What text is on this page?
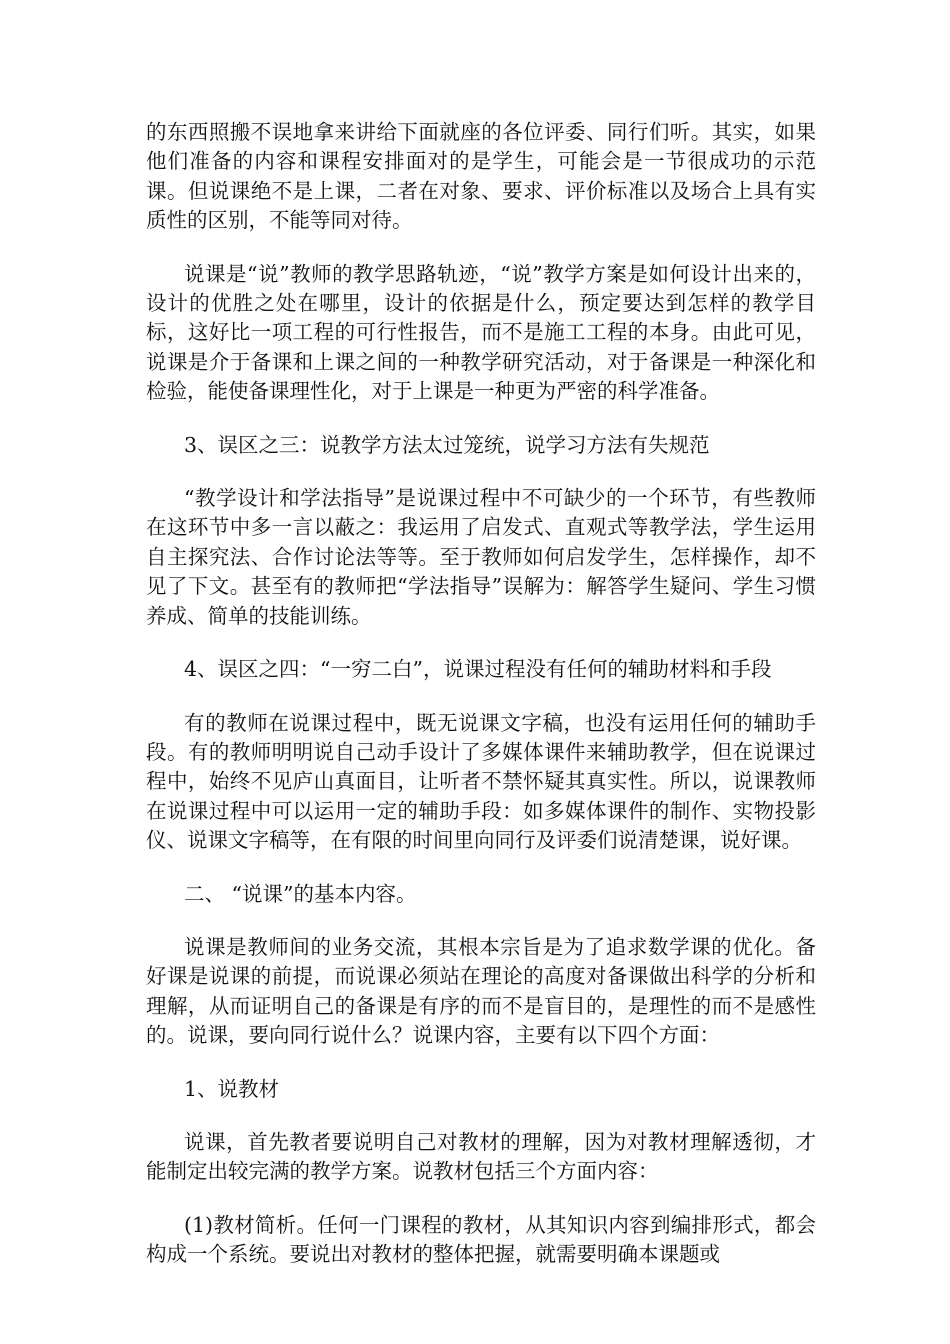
的东西照搬不误地拿来讲给下面就座的各位评委、同行们听。其实，如果他们准备的内容和课程安排面对的是学生，可能会是一节很成功的示范课。但说课绝不是上课，二者在对象、要求、评价标准以及场合上具有实质性的区别，不能等同对待。

说课是“说”教师的教学思路轨迹，“说”教学方案是如何设计出来的，设计的优胜之处在哪里，设计的依据是什么，预定要达到怎样的教学目标，这好比一项工程的可行性报告，而不是施工工程的本身。由此可见，说课是介于备课和上课之间的一种教学研究活动，对于备课是一种深化和检验，能使备课理性化，对于上课是一种更为严密的科学准备。

3、误区之三：说教学方法太过笼统，说学习方法有失规范

“教学设计和学法指导”是说课过程中不可缺少的一个环节，有些教师在这环节中多一言以蔽之：我运用了启发式、直观式等教学法，学生运用自主探究法、合作讨论法等等。至于教师如何启发学生，怎样操作，却不见了下文。甚至有的教师把“学法指导”误解为：解答学生疑问、学生习惯养成、简单的技能训练。

4、误区之四：“一穷二白”，说课过程没有任何的辅助材料和手段

有的教师在说课过程中，既无说课文字稿，也没有运用任何的辅助手段。有的教师明明说自己动手设计了多媒体课件来辅助教学，但在说课过程中，始终不见庐山真面目，让听者不禁怀疑其真实性。所以，说课教师在说课过程中可以运用一定的辅助手段：如多媒体课件的制作、实物投影仪、说课文字稿等，在有限的时间里向同行及评委们说清楚课，说好课。

二、 “说课”的基本内容。

说课是教师间的业务交流，其根本宗旨是为了追求数学课的优化。备好课是说课的前提，而说课必须站在理论的高度对备课做出科学的分析和理解，从而证明自己的备课是有序的而不是盲目的，是理性的而不是感性的。说课，要向同行说什么？说课内容，主要有以下四个方面：

1、说教材

说课，首先教者要说明自己对教材的理解，因为对教材理解透彻，才能制定出较完满的教学方案。说教材包括三个方面内容：

(1)教材简析。任何一门课程的教材，从其知识内容到编排形式，都会构成一个系统。要说出对教材的整体把握，就需要明确本课题或
